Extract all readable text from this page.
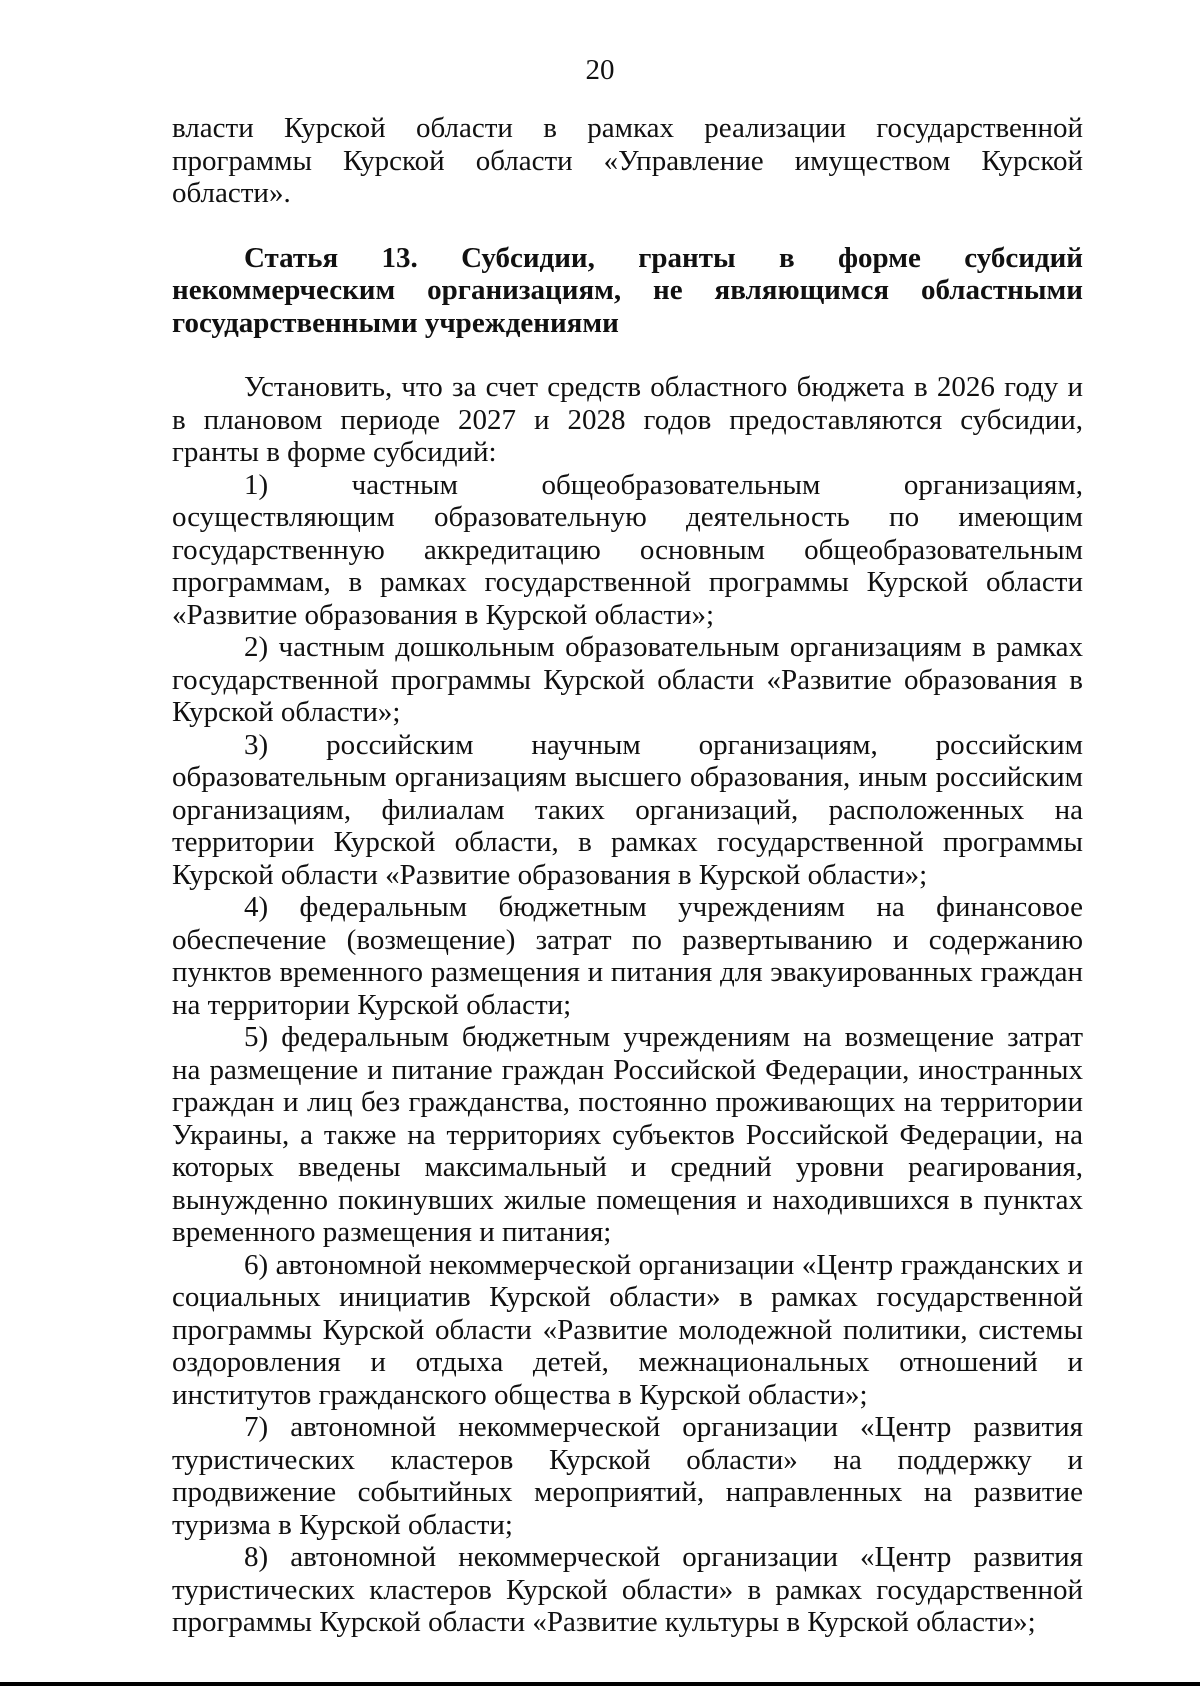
20

власти Курской области в рамках реализации государственной программы Курской области «Управление имуществом Курской области».

Статья 13. Субсидии, гранты в форме субсидий некоммерческим организациям, не являющимся областными государственными учреждениями

Установить, что за счет средств областного бюджета в 2026 году и в плановом периоде 2027 и 2028 годов предоставляются субсидии, гранты в форме субсидий:

1) частным общеобразовательным организациям, осуществляющим образовательную деятельность по имеющим государственную аккредитацию основным общеобразовательным программам, в рамках государственной программы Курской области «Развитие образования в Курской области»;

2) частным дошкольным образовательным организациям в рамках государственной программы Курской области «Развитие образования в Курской области»;

3) российским научным организациям, российским образовательным организациям высшего образования, иным российским организациям, филиалам таких организаций, расположенных на территории Курской области, в рамках государственной программы Курской области «Развитие образования в Курской области»;

4) федеральным бюджетным учреждениям на финансовое обеспечение (возмещение) затрат по развертыванию и содержанию пунктов временного размещения и питания для эвакуированных граждан на территории Курской области;

5) федеральным бюджетным учреждениям на возмещение затрат на размещение и питание граждан Российской Федерации, иностранных граждан и лиц без гражданства, постоянно проживающих на территории Украины, а также на территориях субъектов Российской Федерации, на которых введены максимальный и средний уровни реагирования, вынужденно покинувших жилые помещения и находившихся в пунктах временного размещения и питания;

6) автономной некоммерческой организации «Центр гражданских и социальных инициатив Курской области» в рамках государственной программы Курской области «Развитие молодежной политики, системы оздоровления и отдыха детей, межнациональных отношений и институтов гражданского общества в Курской области»;

7) автономной некоммерческой организации «Центр развития туристических кластеров Курской области» на поддержку и продвижение событийных мероприятий, направленных на развитие туризма в Курской области;

8) автономной некоммерческой организации «Центр развития туристических кластеров Курской области» в рамках государственной программы Курской области «Развитие культуры в Курской области»;
